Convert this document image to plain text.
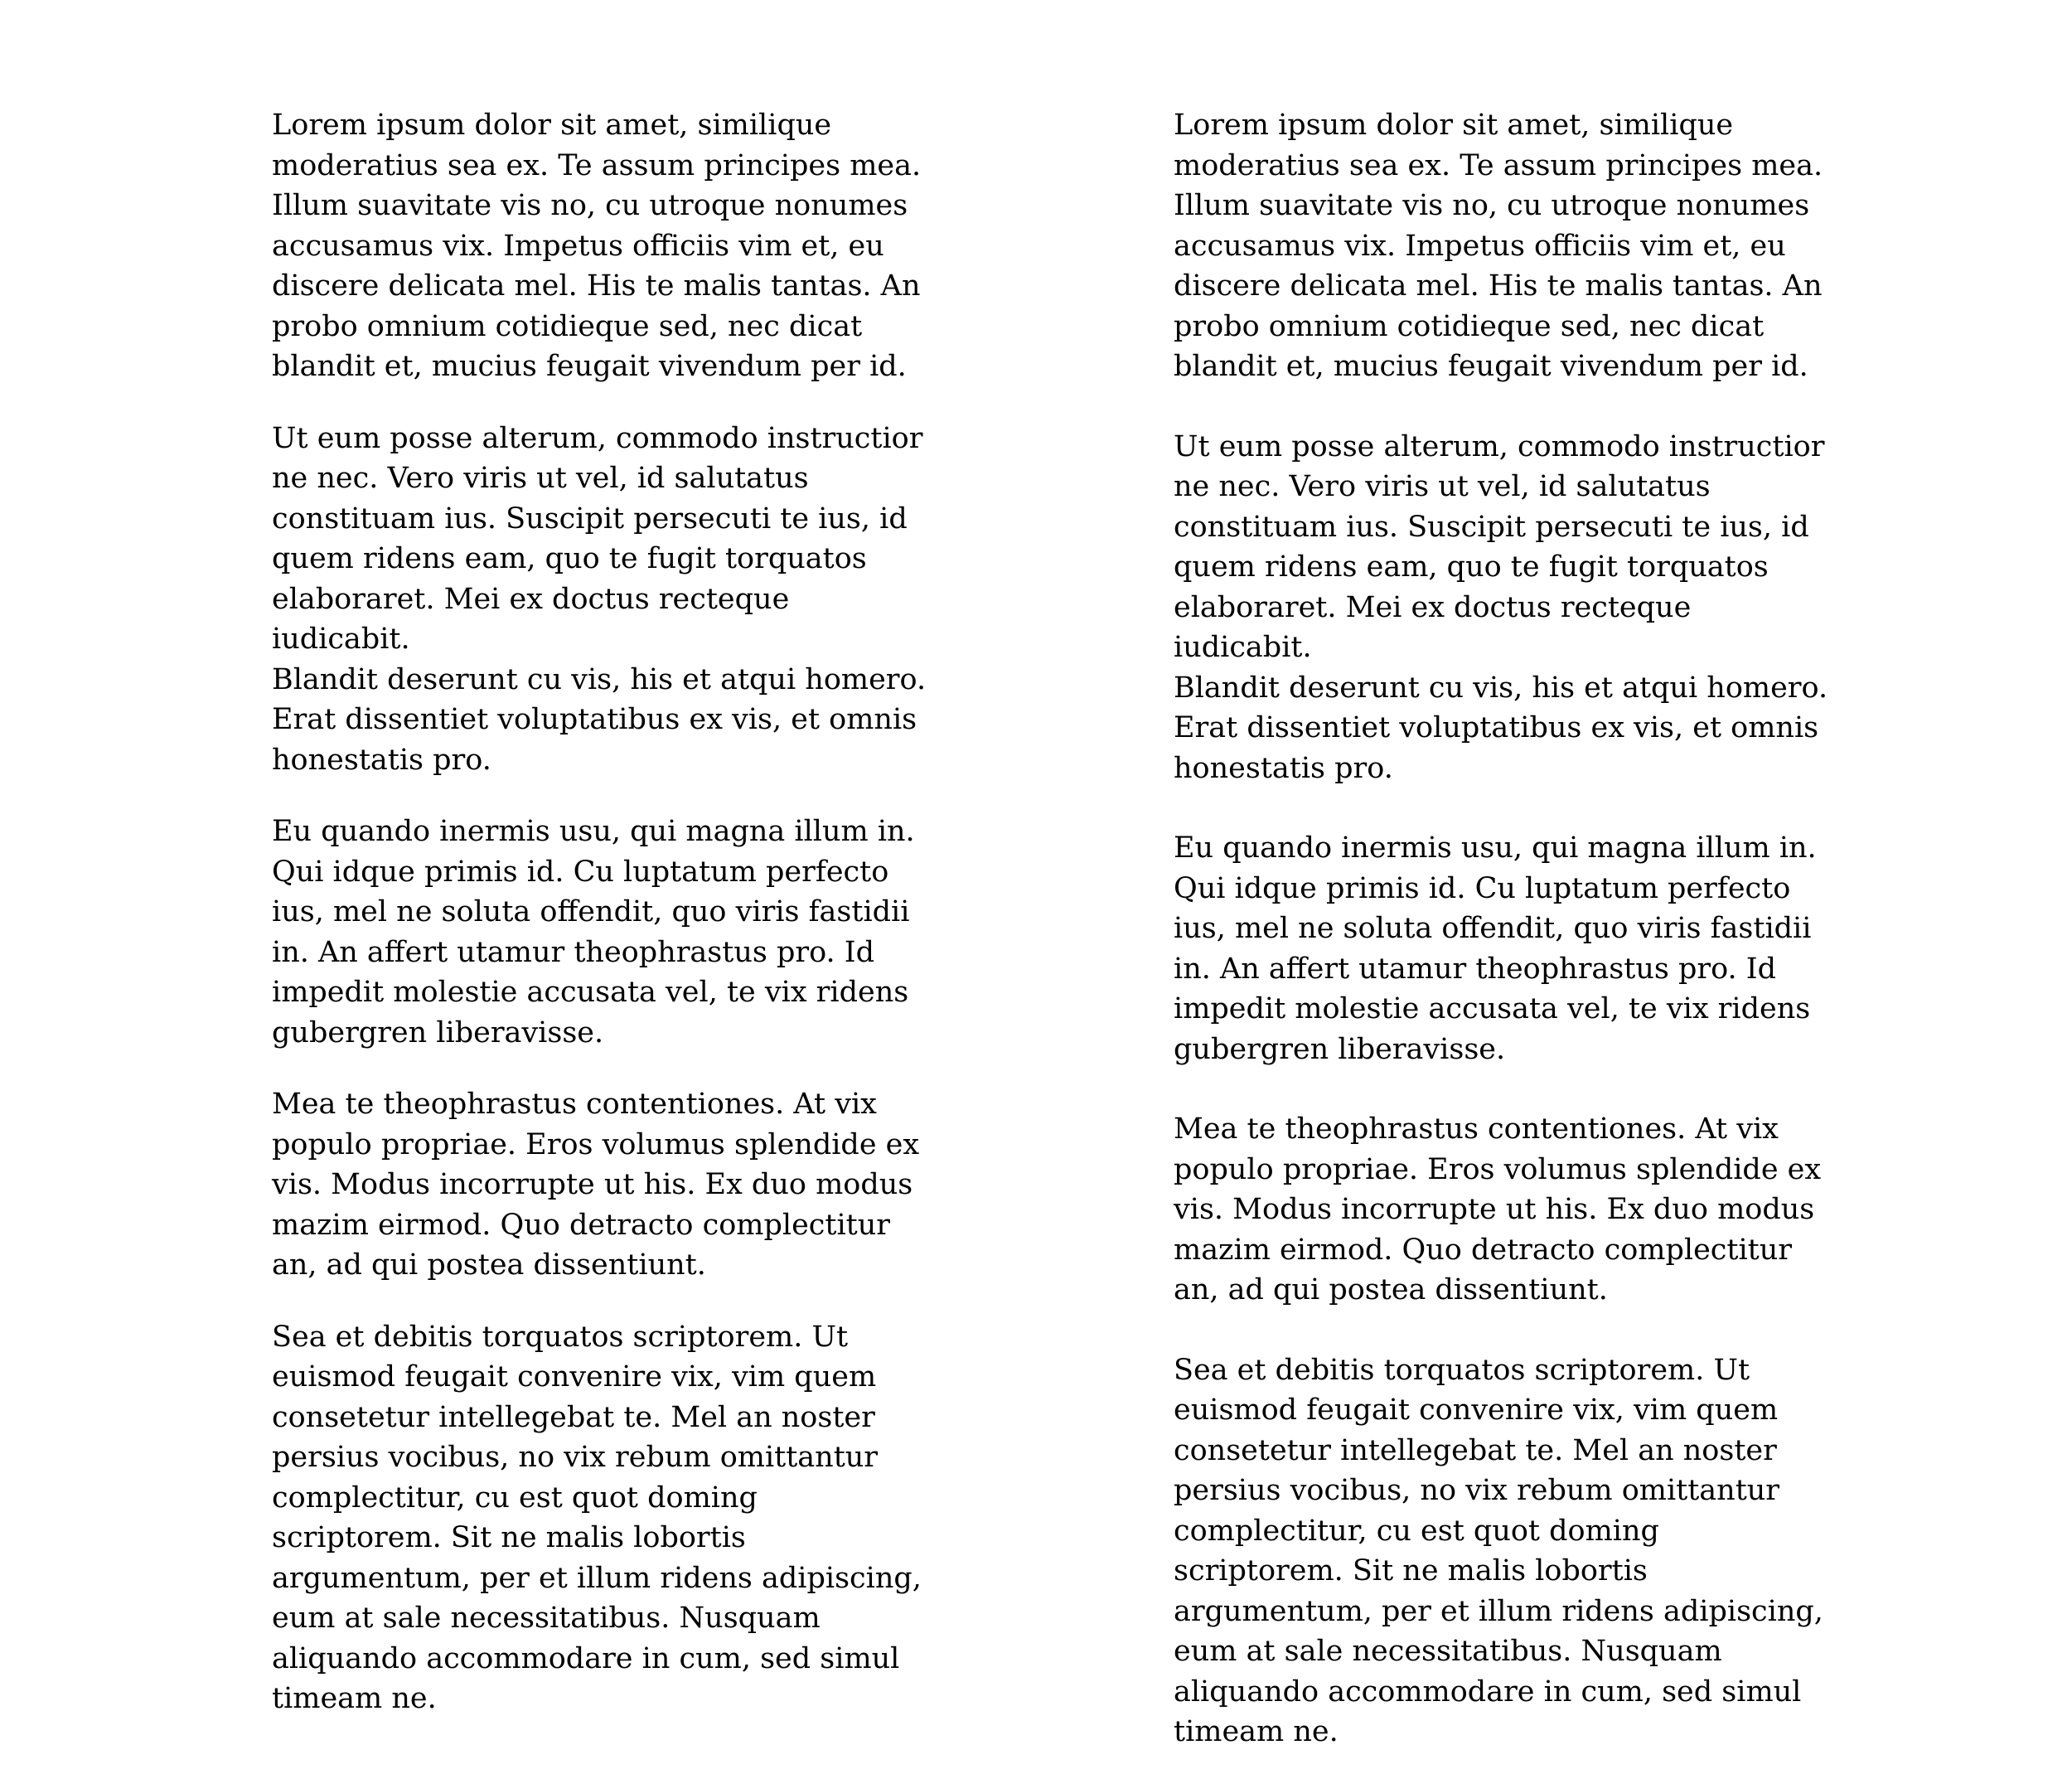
Lorem ipsum dolor sit amet, similique
moderatius sea ex. Te assum principes mea.
Illum suavitate vis no, cu utroque nonumes
accusamus vix. Impetus officiis vim et, eu
discere delicata mel. His te malis tantas. An
probo omnium cotidieque sed, nec dicat
blandit et, mucius feugait vivendum per id.

Ut eum posse alterum, commodo instructior
ne nec. Vero viris ut vel, id salutatus
constituam ius. Suscipit persecuti te ius, id
quem ridens eam, quo te fugit torquatos
elaboraret. Mei ex doctus recteque iudicabit.
Blandit deserunt cu vis, his et atqui homero.
Erat dissentiet voluptatibus ex vis, et omnis
honestatis pro.

Eu quando inermis usu, qui magna illum in.
Qui idque primis id. Cu luptatum perfecto
ius, mel ne soluta offendit, quo viris fastidii
in. An affert utamur theophrastus pro. Id
impedit molestie accusata vel, te vix ridens
gubergren liberavisse.

Mea te theophrastus contentiones. At vix
populo propriae. Eros volumus splendide ex
vis. Modus incorrupte ut his. Ex duo modus
mazim eirmod. Quo detracto complectitur
an, ad qui postea dissentiunt.

Sea et debitis torquatos scriptorem. Ut
euismod feugait convenire vix, vim quem
consetetur intellegebat te. Mel an noster
persius vocibus, no vix rebum omittantur
complectitur, cu est quot doming
scriptorem. Sit ne malis lobortis
argumentum, per et illum ridens adipiscing,
eum at sale necessitatibus. Nusquam
aliquando accommodare in cum, sed simul
timeam ne.

Lorem ipsum dolor sit amet, similique
moderatius sea ex. Te assum principes mea.
Illum suavitate vis no, cu utroque nonumes
accusamus vix. Impetus officiis vim et, eu
discere delicata mel. His te malis tantas. An
probo omnium cotidieque sed, nec dicat
blandit et, mucius feugait vivendum per id.

Ut eum posse alterum, commodo instructior
ne nec. Vero viris ut vel, id salutatus
constituam ius. Suscipit persecuti te ius, id
quem ridens eam, quo te fugit torquatos
elaboraret. Mei ex doctus recteque iudicabit.
Blandit deserunt cu vis, his et atqui homero.
Erat dissentiet voluptatibus ex vis, et omnis
honestatis pro.

Eu quando inermis usu, qui magna illum in.
Qui idque primis id. Cu luptatum perfecto
ius, mel ne soluta offendit, quo viris fastidii
in. An affert utamur theophrastus pro. Id
impedit molestie accusata vel, te vix ridens
gubergren liberavisse.

Mea te theophrastus contentiones. At vix
populo propriae. Eros volumus splendide ex
vis. Modus incorrupte ut his. Ex duo modus
mazim eirmod. Quo detracto complectitur
an, ad qui postea dissentiunt.

Sea et debitis torquatos scriptorem. Ut
euismod feugait convenire vix, vim quem
consetetur intellegebat te. Mel an noster
persius vocibus, no vix rebum omittantur
complectitur, cu est quot doming
scriptorem. Sit ne malis lobortis
argumentum, per et illum ridens adipiscing,
eum at sale necessitatibus. Nusquam
aliquando accommodare in cum, sed simul
timeam ne.
